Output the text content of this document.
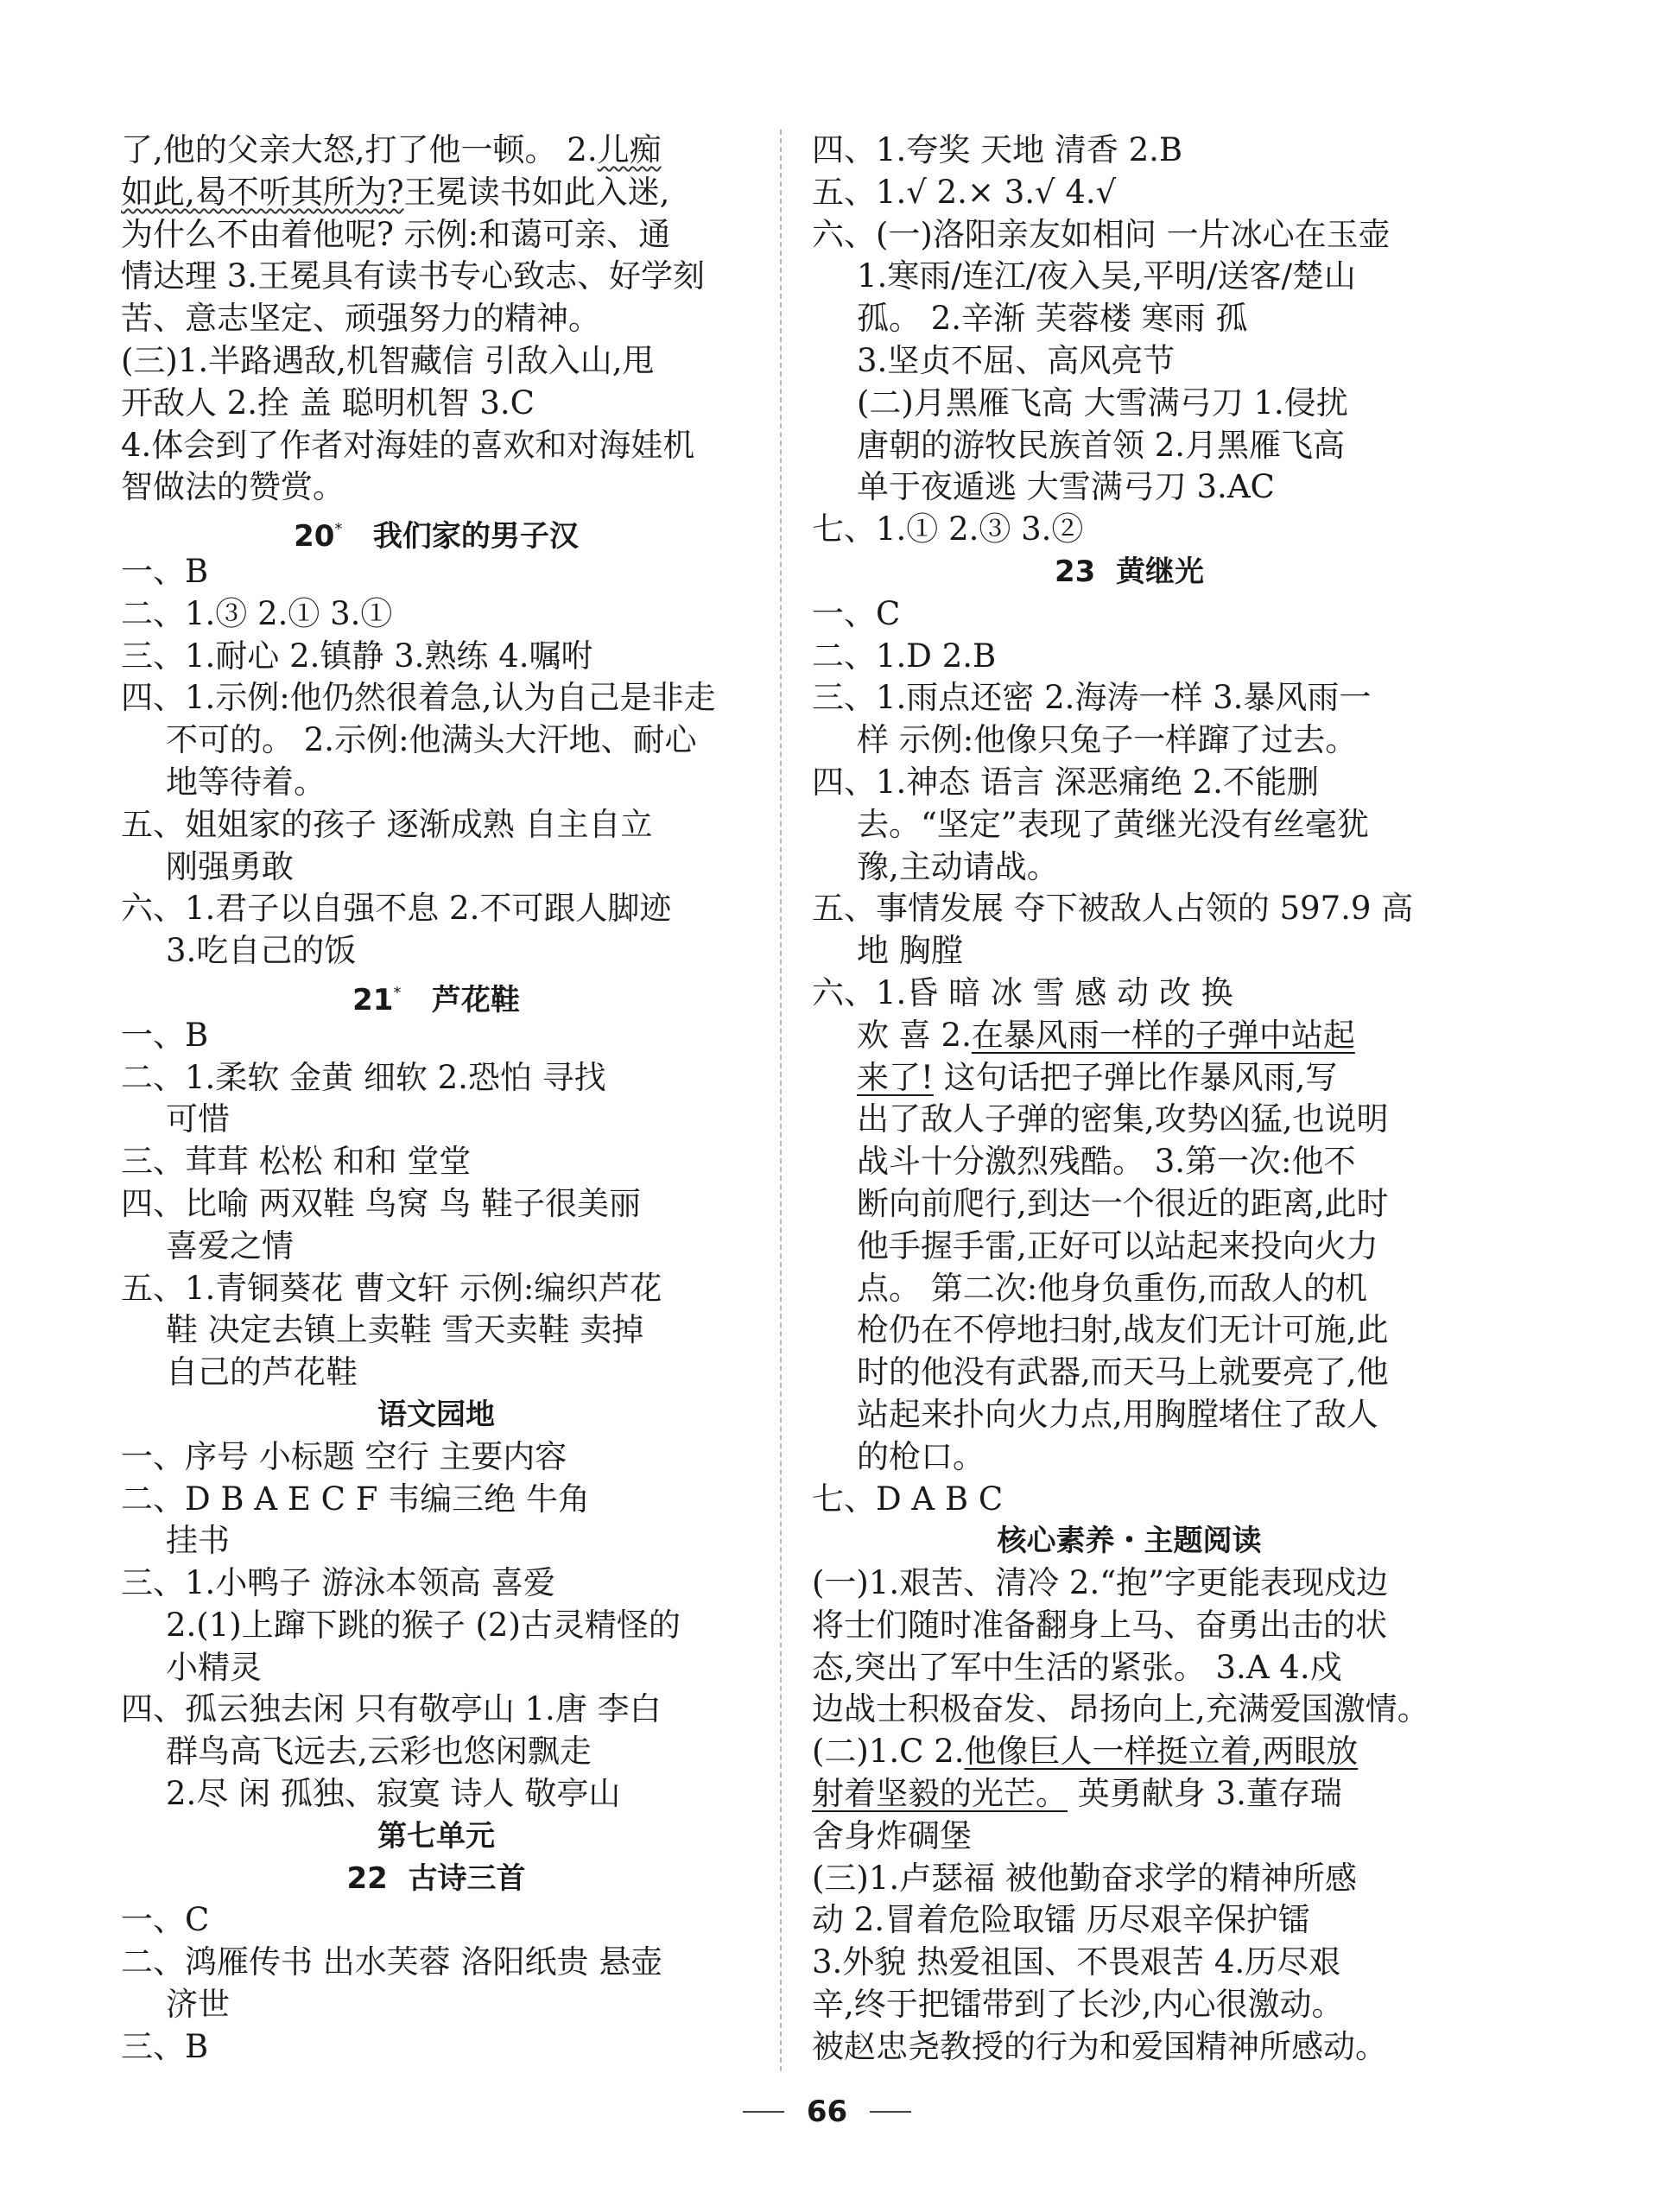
了,他的父亲大怒,打了他一顿。 2.儿痴
如此,曷不听其所为?王冕读书如此入迷,
为什么不由着他呢? 示例:和蔼可亲、通
情达理 3.王冕具有读书专心致志、好学刻
苦、意志坚定、顽强努力的精神。
(三)1.半路遇敌,机智藏信 引敌入山,甩
开敌人 2.拴 盖 聪明机智 3.C
4.体会到了作者对海娃的喜欢和对海娃机
智做法的赞赏。
20* 我们家的男子汉
一、B
二、1.③ 2.① 3.①
三、1.耐心 2.镇静 3.熟练 4.嘱咐
四、1.示例:他仍然很着急,认为自己是非走
不可的。 2.示例:他满头大汗地、耐心
地等待着。
五、姐姐家的孩子 逐渐成熟 自主自立
刚强勇敢
六、1.君子以自强不息 2.不可跟人脚迹
3.吃自己的饭
21* 芦花鞋
一、B
二、1.柔软 金黄 细软 2.恐怕 寻找
可惜
三、茸茸 松松 和和 堂堂
四、比喻 两双鞋 鸟窝 鸟 鞋子很美丽
喜爱之情
五、1.青铜葵花 曹文轩 示例:编织芦花
鞋 决定去镇上卖鞋 雪天卖鞋 卖掉
自己的芦花鞋
语文园地
一、序号 小标题 空行 主要内容
二、D B A E C F 韦编三绝 牛角
挂书
三、1.小鸭子 游泳本领高 喜爱
2.(1)上蹿下跳的猴子 (2)古灵精怪的
小精灵
四、孤云独去闲 只有敬亭山 1.唐 李白
群鸟高飞远去,云彩也悠闲飘走
2.尽 闲 孤独、寂寞 诗人 敬亭山
第七单元
22  古诗三首
一、C
二、鸿雁传书 出水芙蓉 洛阳纸贵 悬壶
济世
三、B
四、1.夸奖 天地 清香 2.B
五、1.√ 2.× 3.√ 4.√
六、(一)洛阳亲友如相问 一片冰心在玉壶
1.寒雨/连江/夜入吴,平明/送客/楚山
孤。 2.辛渐 芙蓉楼 寒雨 孤
3.坚贞不屈、高风亮节
(二)月黑雁飞高 大雪满弓刀 1.侵扰
唐朝的游牧民族首领 2.月黑雁飞高
单于夜遁逃 大雪满弓刀 3.AC
七、1.① 2.③ 3.②
23  黄继光
一、C
二、1.D 2.B
三、1.雨点还密 2.海涛一样 3.暴风雨一
样 示例:他像只兔子一样蹿了过去。
四、1.神态 语言 深恶痛绝 2.不能删
去。“坚定”表现了黄继光没有丝毫犹
豫,主动请战。
五、事情发展 夺下被敌人占领的 597.9 高
地 胸膛
六、1.昏 暗 冰 雪 感 动 改 换
欢 喜 2.在暴风雨一样的子弹中站起
来了! 这句话把子弹比作暴风雨,写
出了敌人子弹的密集,攻势凶猛,也说明
战斗十分激烈残酷。 3.第一次:他不
断向前爬行,到达一个很近的距离,此时
他手握手雷,正好可以站起来投向火力
点。 第二次:他身负重伤,而敌人的机
枪仍在不停地扫射,战友们无计可施,此
时的他没有武器,而天马上就要亮了,他
站起来扑向火力点,用胸膛堵住了敌人
的枪口。
七、D A B C
核心素养・主题阅读
(一)1.艰苦、清冷 2.“抱”字更能表现戍边
将士们随时准备翻身上马、奋勇出击的状
态,突出了军中生活的紧张。 3.A 4.戍
边战士积极奋发、昂扬向上,充满爱国激情。
(二)1.C 2.他像巨人一样挺立着,两眼放
射着坚毅的光芒。 英勇献身 3.董存瑞
舍身炸碉堡
(三)1.卢瑟福 被他勤奋求学的精神所感
动 2.冒着危险取镭 历尽艰辛保护镭
3.外貌 热爱祖国、不畏艰苦 4.历尽艰
辛,终于把镭带到了长沙,内心很激动。
被赵忠尧教授的行为和爱国精神所感动。
66
